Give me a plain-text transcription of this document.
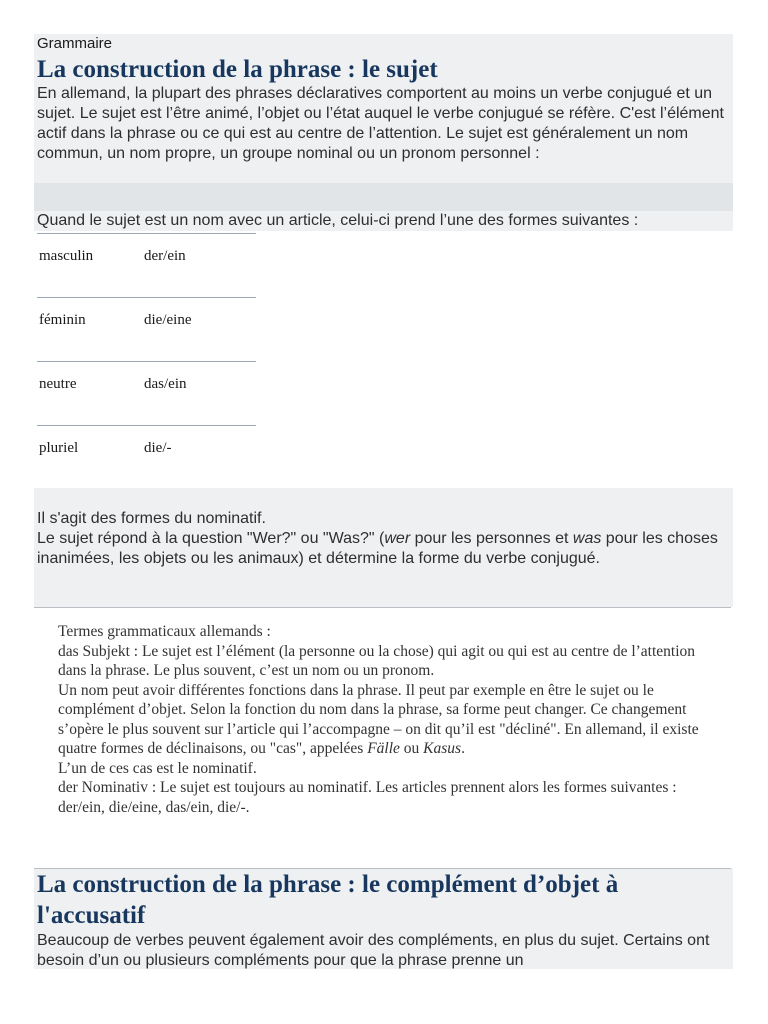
Grammaire
La construction de la phrase : le sujet

En allemand, la plupart des phrases déclaratives comportent au moins un verbe conjugué et un sujet. Le sujet est l’être animé, l’objet ou l’état auquel le verbe conjugué se réfère. C'est l’élément actif dans la phrase ou ce qui est au centre de l’attention. Le sujet est généralement un nom commun, un nom propre, un groupe nominal ou un pronom personnel :

Quand le sujet est un nom avec un article, celui-ci prend l’une des formes suivantes :

masculin	der/ein
féminin	die/eine
neutre	das/ein
pluriel	die/-
Il s'agit des formes du nominatif.
Le sujet répond à la question "Wer?" ou "Was?" (wer pour les personnes et was pour les choses inanimées, les objets ou les animaux) et détermine la forme du verbe conjugué.
Termes grammaticaux allemands :
das Subjekt : Le sujet est l’élément (la personne ou la chose) qui agit ou qui est au centre de l’attention dans la phrase. Le plus souvent, c’est un nom ou un pronom.
Un nom peut avoir différentes fonctions dans la phrase. Il peut par exemple en être le sujet ou le complément d’objet. Selon la fonction du nom dans la phrase, sa forme peut changer. Ce changement s’opère le plus souvent sur l’article qui l’accompagne – on dit qu’il est "décliné". En allemand, il existe quatre formes de déclinaisons, ou "cas", appelées Fälle ou Kasus.
L’un de ces cas est le nominatif.
der Nominativ : Le sujet est toujours au nominatif. Les articles prennent alors les formes suivantes : der/ein, die/eine, das/ein, die/-.
La construction de la phrase : le complément d’objet à l'accusatif

Beaucoup de verbes peuvent également avoir des compléments, en plus du sujet. Certains ont besoin d’un ou plusieurs compléments pour que la phrase prenne un
